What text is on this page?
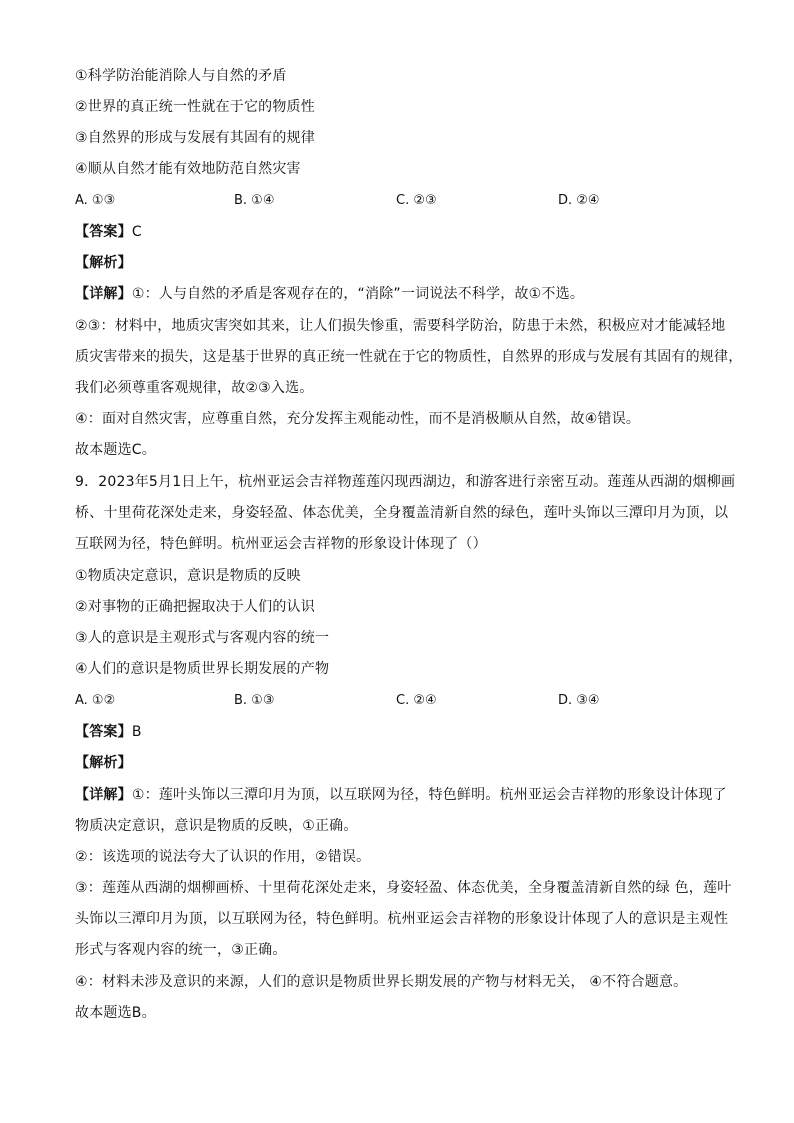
①科学防治能消除人与自然的矛盾
②世界的真正统一性就在于它的物质性
③自然界的形成与发展有其固有的规律
④顺从自然才能有效地防范自然灾害
A. ①③	B. ①④	C. ②③	D. ②④
【答案】C
【解析】
【详解】①：人与自然的矛盾是客观存在的，“消除”一词说法不科学，故①不选。
②③：材料中，地质灾害突如其来，让人们损失惨重，需要科学防治，防患于未然，积极应对才能减轻地
质灾害带来的损失，这是基于世界的真正统一性就在于它的物质性，自然界的形成与发展有其固有的规律，
我们必须尊重客观规律，故②③入选。
④：面对自然灾害，应尊重自然，充分发挥主观能动性，而不是消极顺从自然，故④错误。
故本题选C。
9．2023年5月1日上午，杭州亚运会吉祥物莲莲闪现西湖边，和游客进行亲密互动。莲莲从西湖的烟柳画
桥、十里荷花深处走来，身姿轻盈、体态优美，全身覆盖清新自然的绿色，莲叶头饰以三潭印月为顶，以
互联网为径，特色鲜明。杭州亚运会吉祥物的形象设计体现了（）
①物质决定意识，意识是物质的反映
②对事物的正确把握取决于人们的认识
③人的意识是主观形式与客观内容的统一
④人们的意识是物质世界长期发展的产物
A. ①②	B. ①③	C. ②④	D. ③④
【答案】B
【解析】
【详解】①：莲叶头饰以三潭印月为顶，以互联网为径，特色鲜明。杭州亚运会吉祥物的形象设计体现了
物质决定意识，意识是物质的反映，①正确。
②：该选项的说法夸大了认识的作用，②错误。
③：莲莲从西湖的烟柳画桥、十里荷花深处走来，身姿轻盈、体态优美，全身覆盖清新自然的绿 色，莲叶
头饰以三潭印月为顶，以互联网为径，特色鲜明。杭州亚运会吉祥物的形象设计体现了人的意识是主观性
形式与客观内容的统一，③正确。
④：材料未涉及意识的来源，人们的意识是物质世界长期发展的产物与材料无关， ④不符合题意。
故本题选B。
